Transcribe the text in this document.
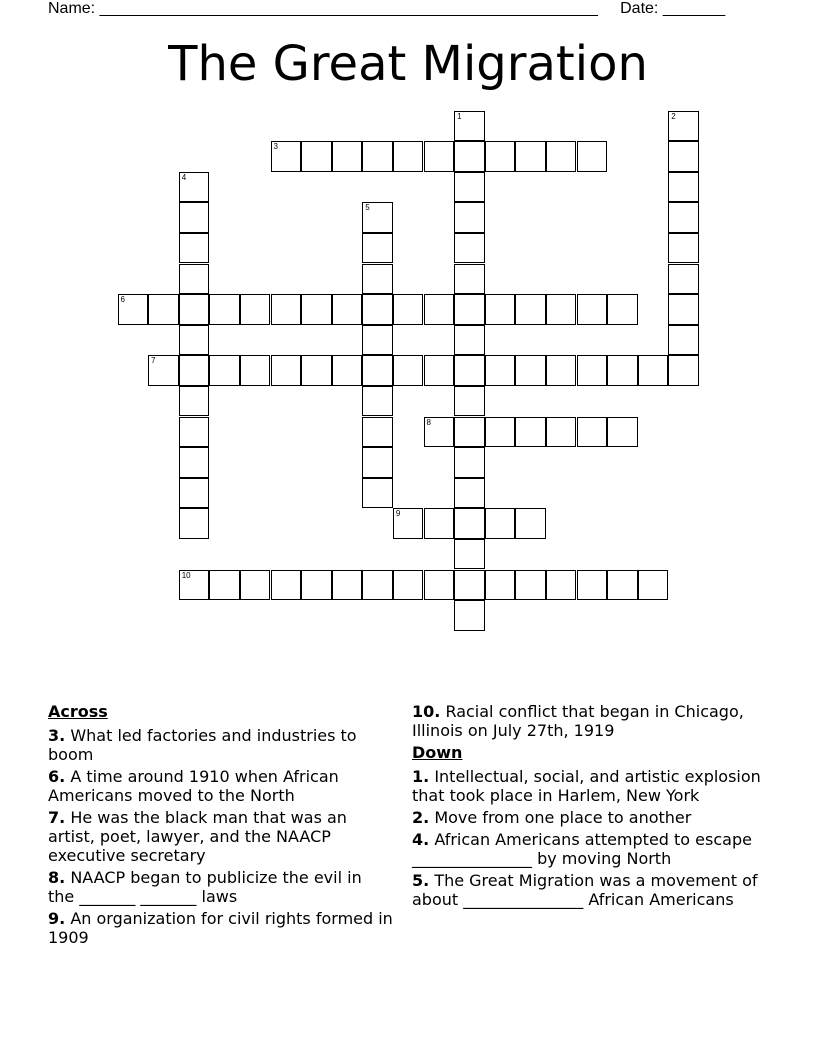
Name: ________________________________________________________ Date: _______
The Great Migration
1	2
3
4
5
6
7
8
9
10
Across
3. What led factories and industries to boom
6. A time around 1910 when African Americans moved to the North
7. He was the black man that was an artist, poet, lawyer, and the NAACP executive secretary
8. NAACP began to publicize the evil in the _______ _______ laws
9. An organization for civil rights formed in 1909
10. Racial conflict that began in Chicago, Illinois on July 27th, 1919
Down
1. Intellectual, social, and artistic explosion that took place in Harlem, New York
2. Move from one place to another
4. African Americans attempted to escape _______________ by moving North
5. The Great Migration was a movement of about _______________ African Americans
